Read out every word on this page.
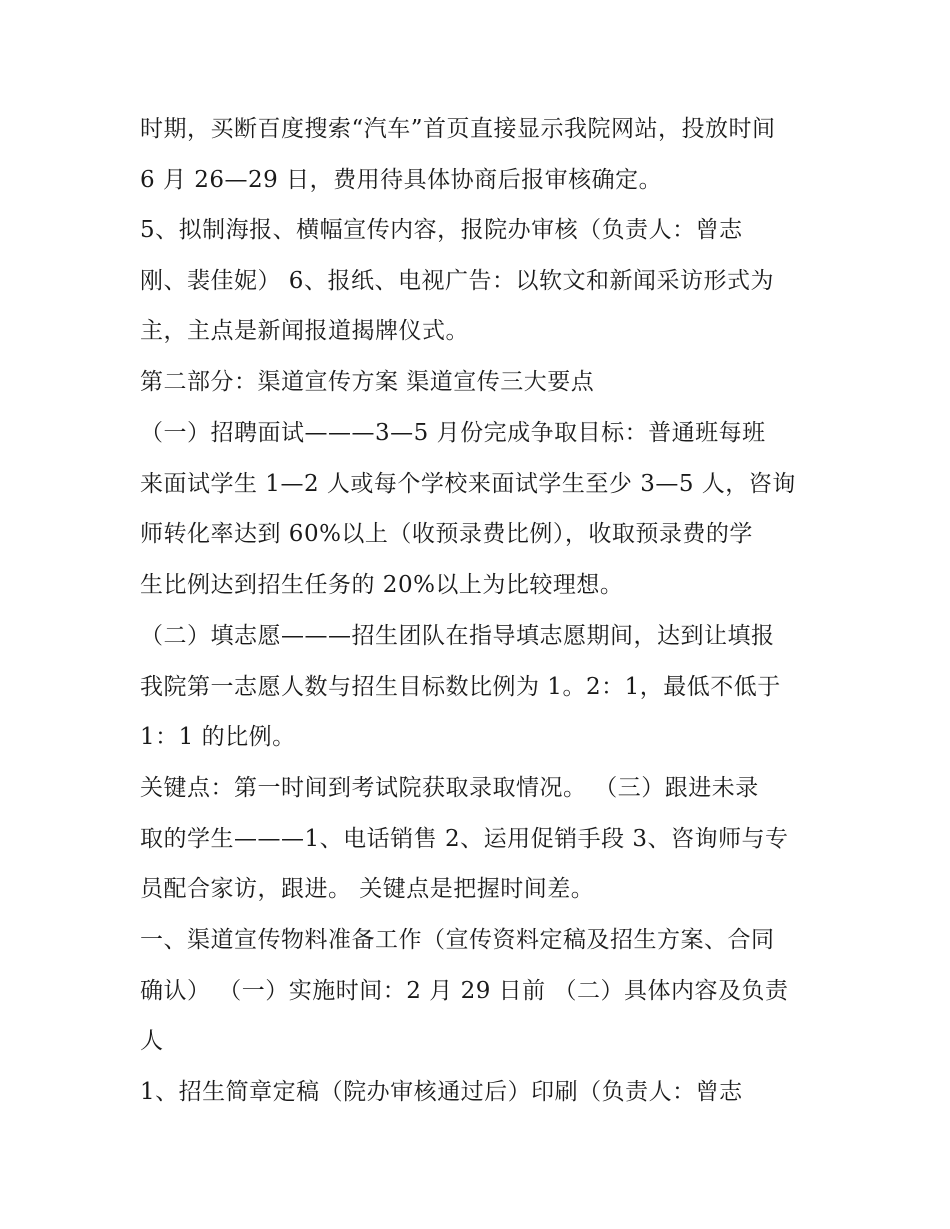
时期，买断百度搜索“汽车”首页直接显示我院网站，投放时间
6 月 26—29 日，费用待具体协商后报审核确定。
5、拟制海报、横幅宣传内容，报院办审核（负责人：曾志
刚、裴佳妮） 6、报纸、电视广告：以软文和新闻采访形式为
主，主点是新闻报道揭牌仪式。
第二部分：渠道宣传方案 渠道宣传三大要点
（一）招聘面试———3—5 月份完成争取目标：普通班每班
来面试学生 1—2 人或每个学校来面试学生至少 3—5 人，咨询
师转化率达到 60%以上（收预录费比例），收取预录费的学
生比例达到招生任务的 20%以上为比较理想。
（二）填志愿———招生团队在指导填志愿期间，达到让填报
我院第一志愿人数与招生目标数比例为 1。2：1，最低不低于
1：1 的比例。
关键点：第一时间到考试院获取录取情况。 （三）跟进未录
取的学生———1、电话销售 2、运用促销手段 3、咨询师与专
员配合家访，跟进。 关键点是把握时间差。
一、渠道宣传物料准备工作（宣传资料定稿及招生方案、合同
确认） （一）实施时间：2 月 29 日前 （二）具体内容及负责
人
1、招生简章定稿（院办审核通过后）印刷（负责人：曾志
